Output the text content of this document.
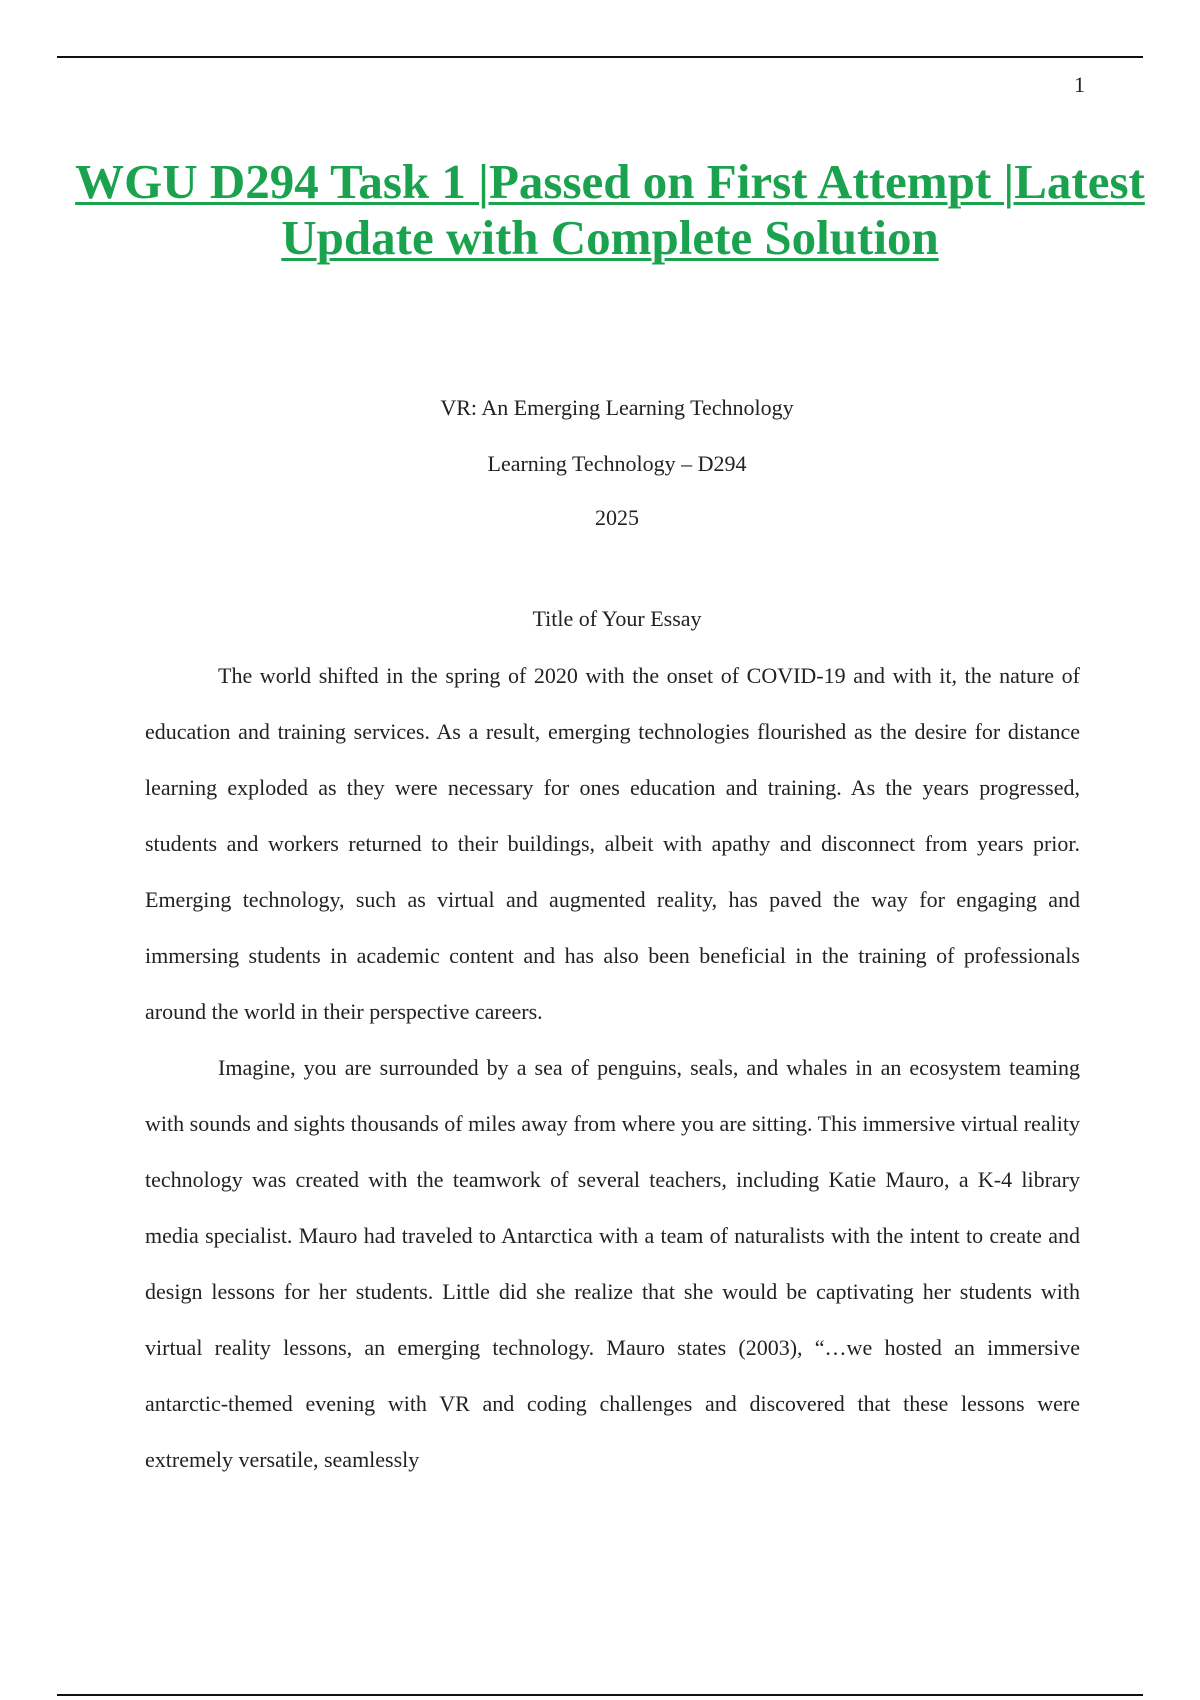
1
WGU D294 Task 1 |Passed on First Attempt |Latest
Update with Complete Solution
VR: An Emerging Learning Technology
Learning Technology – D294
2025
Title of Your Essay

The world shifted in the spring of 2020 with the onset of COVID-19 and with it, the nature of education and training services. As a result, emerging technologies flourished as the desire for distance learning exploded as they were necessary for ones education and training. As the years progressed, students and workers returned to their buildings, albeit with apathy and disconnect from years prior. Emerging technology, such as virtual and augmented reality, has paved the way for engaging and immersing students in academic content and has also been beneficial in the training of professionals around the world in their perspective careers.

Imagine, you are surrounded by a sea of penguins, seals, and whales in an ecosystem teaming with sounds and sights thousands of miles away from where you are sitting. This immersive virtual reality technology was created with the teamwork of several teachers, including Katie Mauro, a K-4 library media specialist. Mauro had traveled to Antarctica with a team of naturalists with the intent to create and design lessons for her students. Little did she realize that she would be captivating her students with virtual reality lessons, an emerging technology. Mauro states (2003), “…we hosted an immersive antarctic-themed evening with VR and coding challenges and discovered that these lessons were extremely versatile, seamlessly
